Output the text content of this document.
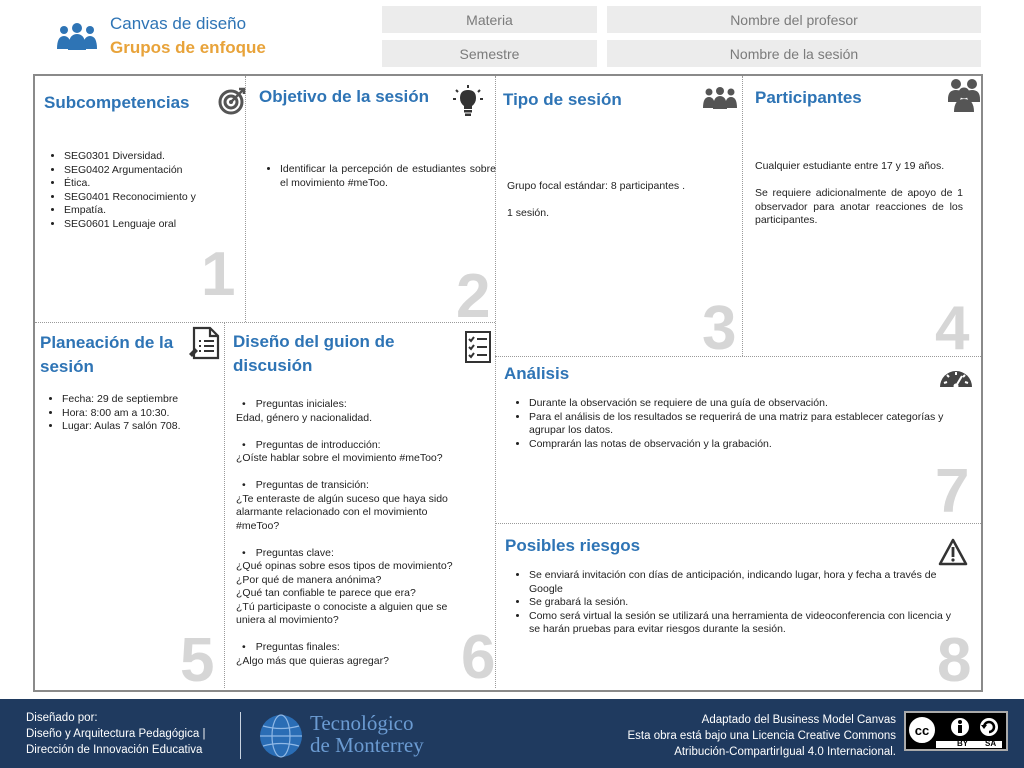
Canvas de diseño
Grupos de enfoque
Materia	Nombre del profesor
Semestre	Nombre de la sesión
Subcompetencias
• SEG0301 Diversidad.
• SEG0402 Argumentación
• Ética.
• SEG0401 Reconocimiento y
• Empatía.
• SEG0601 Lenguaje oral
1
Objetivo de la sesión
• Identificar la percepción de estudiantes sobre el movimiento #meToo.
2
Tipo de sesión
Grupo focal estándar: 8 participantes .
1 sesión.
3
Participantes
Cualquier estudiante entre 17 y 19 años.
Se requiere adicionalmente de apoyo de 1 observador para anotar reacciones de los participantes.
4
Planeación de la
sesión
• Fecha: 29 de septiembre
• Hora: 8:00 am a 10:30.
• Lugar: Aulas 7 salón 708.
5
Diseño del guion de
discusión
• Preguntas iniciales:
Edad, género y nacionalidad.
• Preguntas de introducción:
¿Oíste hablar sobre el movimiento #meToo?
• Preguntas de transición:
¿Te enteraste de algún suceso que haya sido
alarmante relacionado con el movimiento
#meToo?
• Preguntas clave:
¿Qué opinas sobre esos tipos de movimiento?
¿Por qué de manera anónima?
¿Qué tan confiable te parece que era?
¿Tú participaste o conociste a alguien que se
uniera al movimiento?
• Preguntas finales:
¿Algo más que quieras agregar?	6
Análisis
• Durante la observación se requiere de una guía de observación.
• Para el análisis de los resultados se requerirá de una matriz para establecer categorías y agrupar los datos.
• Comprarán las notas de observación y la grabación.
7
Posibles riesgos
• Se enviará invitación con días de anticipación, indicando lugar, hora y fecha a través de Google
• Se grabará la sesión.
• Como será virtual la sesión se utilizará una herramienta de videoconferencia con licencia y se harán pruebas para evitar riesgos durante la sesión.	8
Diseñado por:
Diseño y Arquitectura Pedagógica |
Dirección de Innovación Educativa
Tecnológico
de Monterrey
Adaptado del Business Model Canvas
Esta obra está bajo una Licencia Creative Commons
Atribución-CompartirIgual 4.0 Internacional.
cc
BY SA
